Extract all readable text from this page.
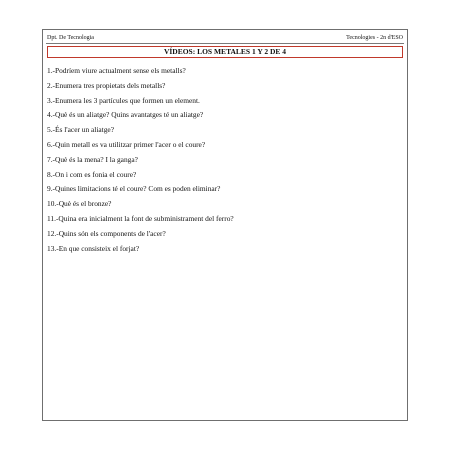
Dpt. De Tecnologia	Tecnologies - 2n d'ESO
VÍDEOS: LOS METALES 1 Y 2 DE 4
1.-Podríem viure actualment sense els metalls?
2.-Enumera tres propietats dels metalls?
3.-Enumera les 3 partícules que formen un element.
4.-Què és un aliatge? Quins avantatges té un aliatge?
5.-És l'acer un aliatge?
6.-Quin metall es va utilitzar primer l'acer o el coure?
7.-Què és la mena? I la ganga?
8.-On i com es fonia el coure?
9.-Quines limitacions té el coure? Com es poden eliminar?
10.-Què és el bronze?
11.-Quina era inicialment la font de subministrament del ferro?
12.-Quins són els components de l'acer?
13.-En que consisteix el forjat?
